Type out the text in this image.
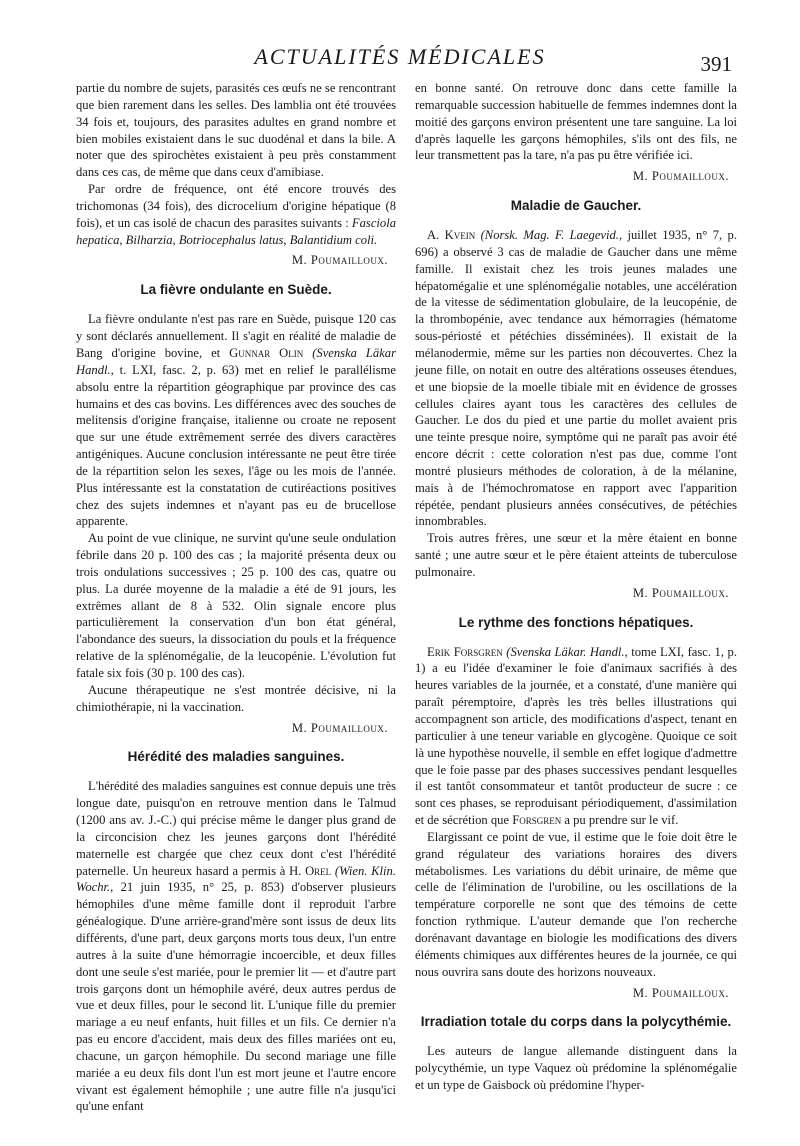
ACTUALITÉS MÉDICALES	391

partie du nombre de sujets, parasités ces œufs ne se rencontrant que bien rarement dans les selles. Des lamblia ont été trouvées 34 fois et, toujours, des parasites adultes en grand nombre et bien mobiles existaient dans le suc duodénal et dans la bile. A noter que des spirochètes existaient à peu près constamment dans ces cas, de même que dans ceux d'amibiase.

Par ordre de fréquence, ont été encore trouvés des trichomonas (34 fois), des dicrocelium d'origine hépatique (8 fois), et un cas isolé de chacun des parasites suivants : Fasciola hepatica, Bilharzia, Botriocephalus latus, Balantidium coli.

M. Poumailloux.
La fièvre ondulante en Suède.

La fièvre ondulante n'est pas rare en Suède, puisque 120 cas y sont déclarés annuellement. Il s'agit en réalité de maladie de Bang d'origine bovine, et Gunnar Olin (Svenska Läkar Handl., t. LXI, fasc. 2, p. 63) met en relief le parallélisme absolu entre la répartition géographique par province des cas humains et des cas bovins. Les différences avec des souches de melitensis d'origine française, italienne ou croate ne reposent que sur une étude extrêmement serrée des divers caractères antigéniques. Aucune conclusion intéressante ne peut être tirée de la répartition selon les sexes, l'âge ou les mois de l'année. Plus intéressante est la constatation de cutiréactions positives chez des sujets indemnes et n'ayant pas eu de brucellose apparente.

Au point de vue clinique, ne survint qu'une seule ondulation fébrile dans 20 p. 100 des cas ; la majorité présenta deux ou trois ondulations successives ; 25 p. 100 des cas, quatre ou plus. La durée moyenne de la maladie a été de 91 jours, les extrêmes allant de 8 à 532. Olin signale encore plus particulièrement la conservation d'un bon état général, l'abondance des sueurs, la dissociation du pouls et la fréquence relative de la splénomégalie, de la leucopénie. L'évolution fut fatale six fois (30 p. 100 des cas).

Aucune thérapeutique ne s'est montrée décisive, ni la chimiothérapie, ni la vaccination.

M. Poumailloux.
Hérédité des maladies sanguines.

L'hérédité des maladies sanguines est connue depuis une très longue date, puisqu'on en retrouve mention dans le Talmud (1200 ans av. J.-C.) qui précise même le danger plus grand de la circoncision chez les jeunes garçons dont l'hérédité maternelle est chargée que chez ceux dont c'est l'hérédité paternelle. Un heureux hasard a permis à H. Orel (Wien. Klin. Wochr., 21 juin 1935, n° 25, p. 853) d'observer plusieurs hémophiles d'une même famille dont il reproduit l'arbre généalogique. D'une arrière-grand'mère sont issus de deux lits différents, d'une part, deux garçons morts tous deux, l'un entre autres à la suite d'une hémorragie incoercible, et deux filles dont une seule s'est mariée, pour le premier lit — et d'autre part trois garçons dont un hémophile avéré, deux autres perdus de vue et deux filles, pour le second lit. L'unique fille du premier mariage a eu neuf enfants, huit filles et un fils. Ce dernier n'a pas eu encore d'accident, mais deux des filles mariées ont eu, chacune, un garçon hémophile. Du second mariage une fille mariée a eu deux fils dont l'un est mort jeune et l'autre encore vivant est également hémophile ; une autre fille n'a jusqu'ici qu'une enfant

en bonne santé. On retrouve donc dans cette famille la remarquable succession habituelle de femmes indemnes dont la moitié des garçons environ présentent une tare sanguine. La loi d'après laquelle les garçons hémophiles, s'ils ont des fils, ne leur transmettent pas la tare, n'a pas pu être vérifiée ici.

M. Poumailloux.
Maladie de Gaucher.

A. Kvein (Norsk. Mag. F. Laegevid., juillet 1935, n° 7, p. 696) a observé 3 cas de maladie de Gaucher dans une même famille. Il existait chez les trois jeunes malades une hépatomégalie et une splénomégalie notables, une accélération de la vitesse de sédimentation globulaire, de la leucopénie, de la thrombopénie, avec tendance aux hémorragies (hématome sous-périosté et pétéchies disséminées). Il existait de la mélanodermie, même sur les parties non découvertes. Chez la jeune fille, on notait en outre des altérations osseuses étendues, et une biopsie de la moelle tibiale mit en évidence de grosses cellules claires ayant tous les caractères des cellules de Gaucher. Le dos du pied et une partie du mollet avaient pris une teinte presque noire, symptôme qui ne paraît pas avoir été encore décrit : cette coloration n'est pas due, comme l'ont montré plusieurs méthodes de coloration, à de la mélanine, mais à de l'hémochromatose en rapport avec l'apparition répétée, pendant plusieurs années consécutives, de pétéchies innombrables.

Trois autres frères, une sœur et la mère étaient en bonne santé ; une autre sœur et le père étaient atteints de tuberculose pulmonaire.

M. Poumailloux.
Le rythme des fonctions hépatiques.

Erik Forsgren (Svenska Läkar. Handl., tome LXI, fasc. 1, p. 1) a eu l'idée d'examiner le foie d'animaux sacrifiés à des heures variables de la journée, et a constaté, d'une manière qui paraît péremptoire, d'après les très belles illustrations qui accompagnent son article, des modifications d'aspect, tenant en particulier à une teneur variable en glycogène. Quoique ce soit là une hypothèse nouvelle, il semble en effet logique d'admettre que le foie passe par des phases successives pendant lesquelles il est tantôt consommateur et tantôt producteur de sucre : ce sont ces phases, se reproduisant périodiquement, d'assimilation et de sécrétion que Forsgren a pu prendre sur le vif.

Elargissant ce point de vue, il estime que le foie doit être le grand régulateur des variations horaires des divers métabolismes. Les variations du débit urinaire, de même que celle de l'élimination de l'urobiline, ou les oscillations de la température corporelle ne sont que des témoins de cette fonction rythmique. L'auteur demande que l'on recherche dorénavant davantage en biologie les modifications des divers éléments chimiques aux différentes heures de la journée, ce qui nous ouvrira sans doute des horizons nouveaux.

M. Poumailloux.
Irradiation totale du corps dans la polycythémie.

Les auteurs de langue allemande distinguent dans la polycythémie, un type Vaquez où prédomine la splénomégalie et un type de Gaisbock où prédomine l'hyper-
